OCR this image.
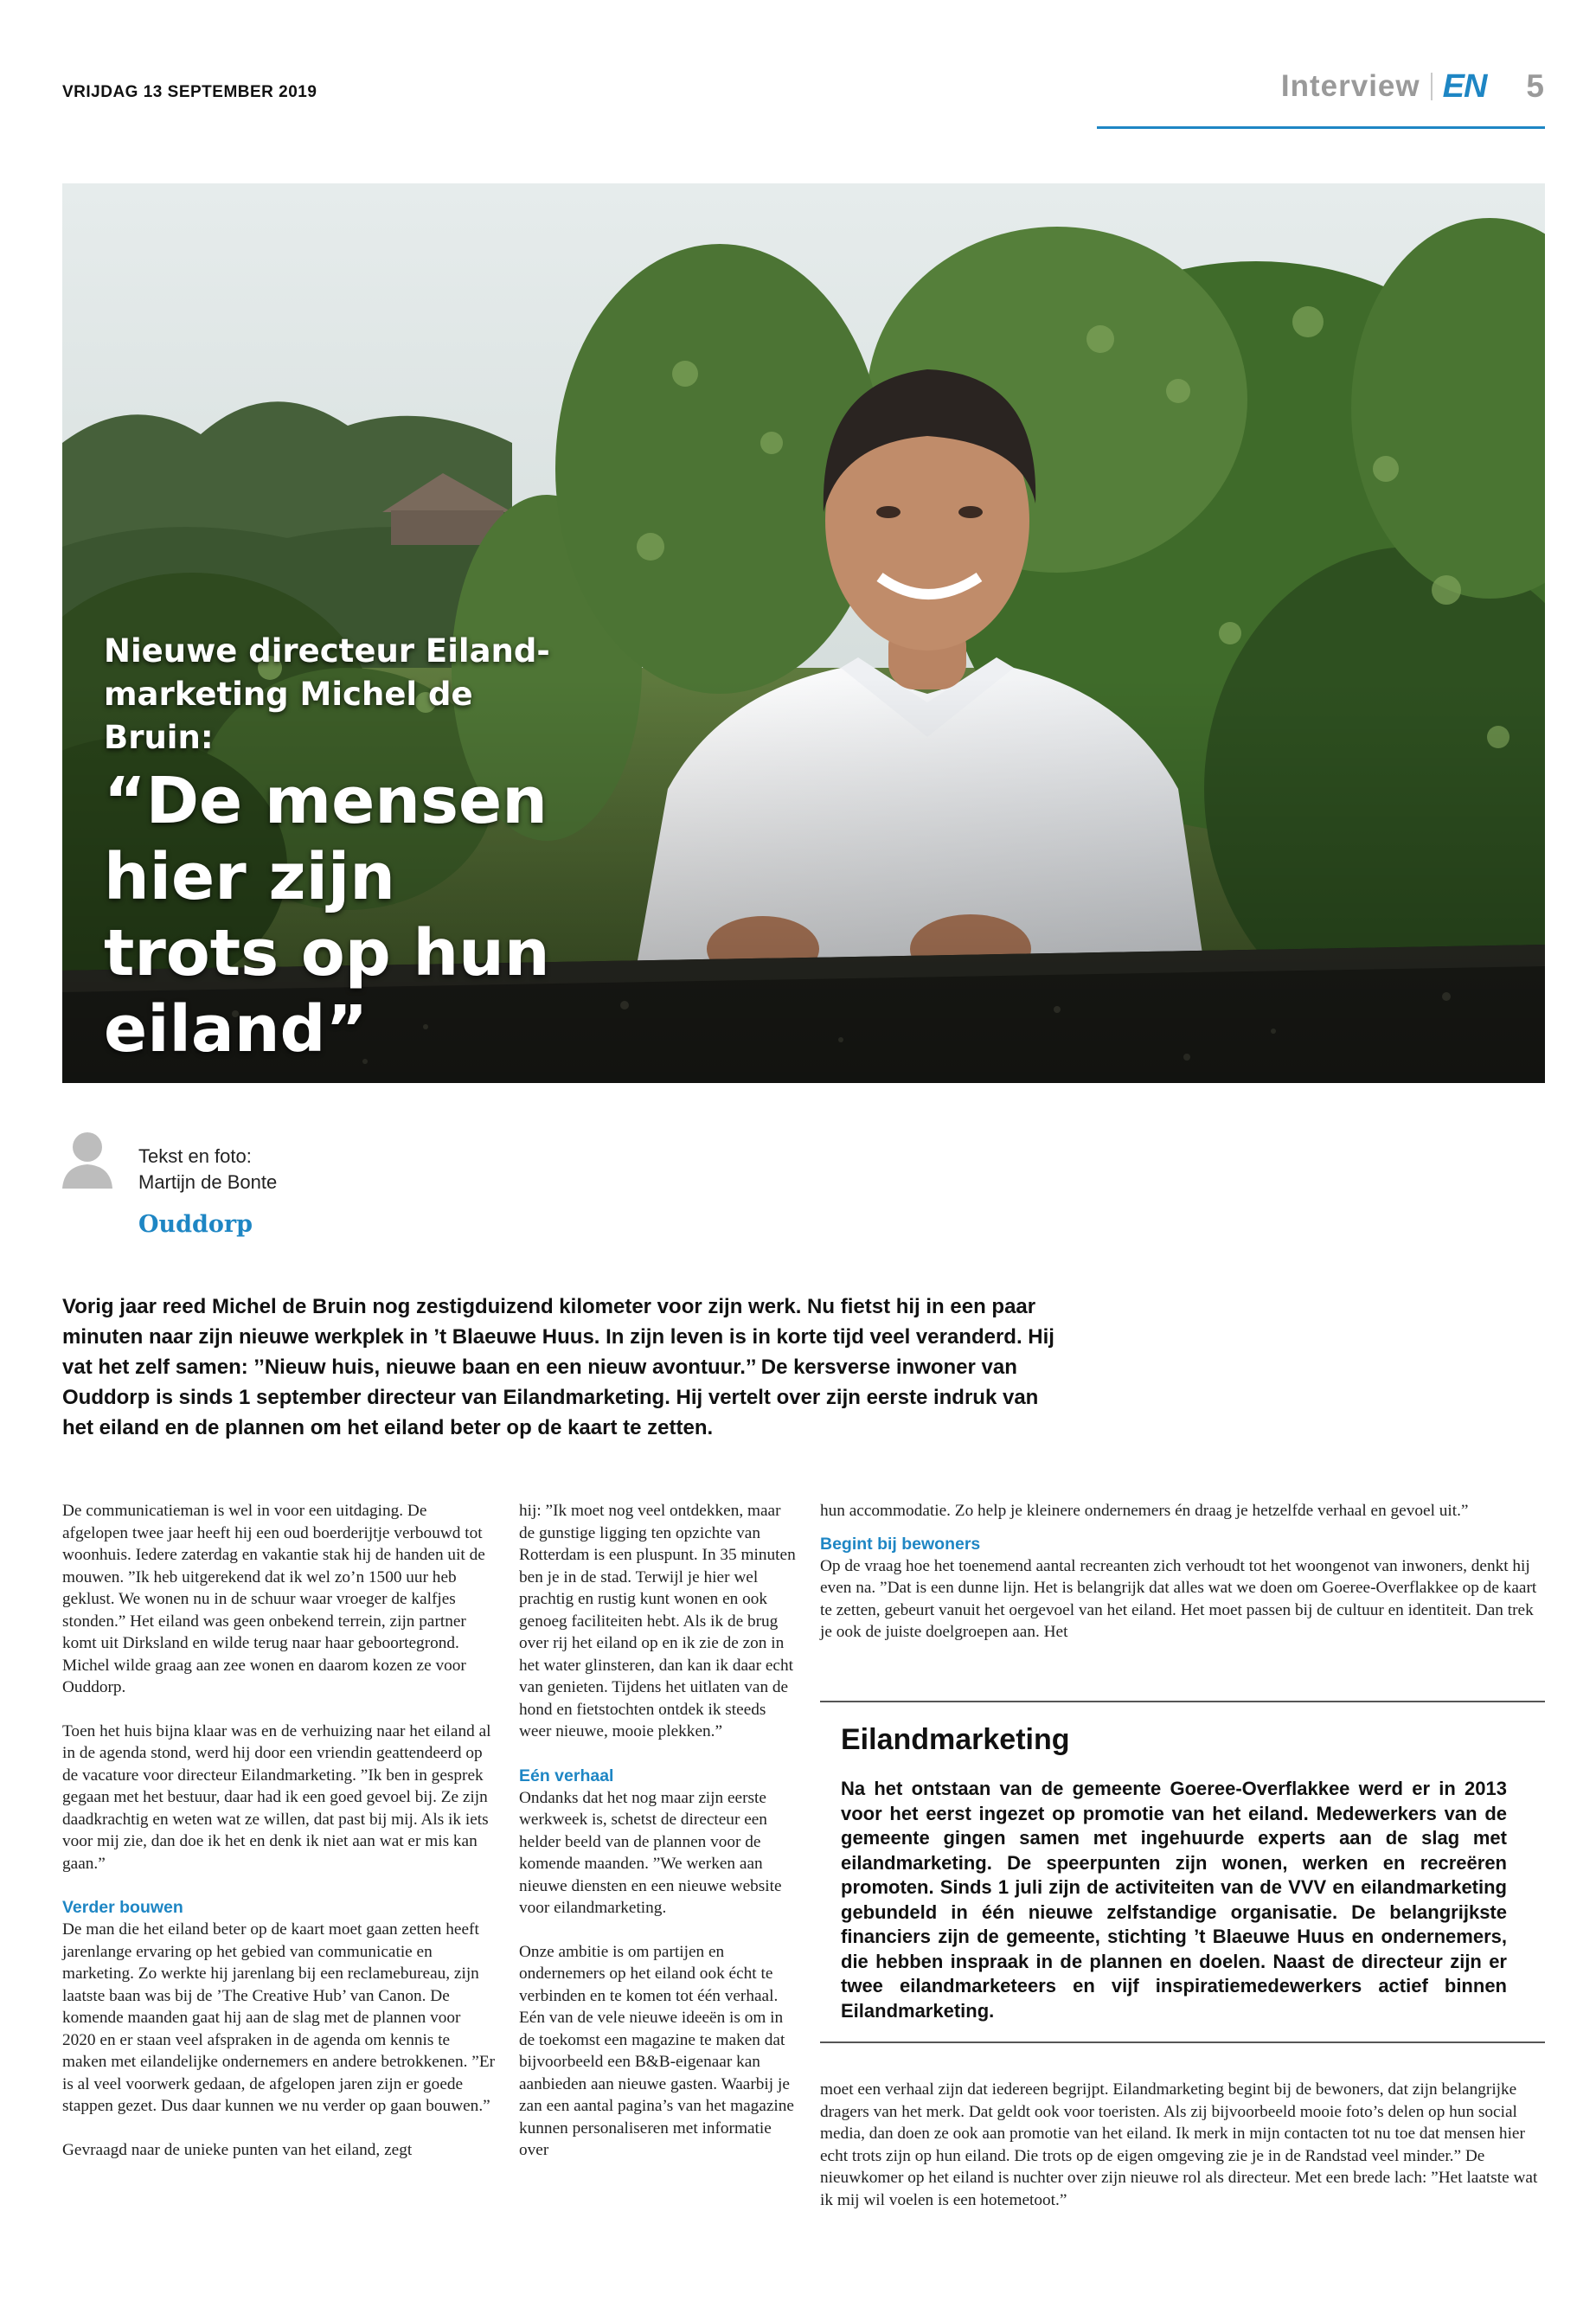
VRIJDAG 13 SEPTEMBER 2019	Interview EN 5
Nieuwe directeur Eiland-
marketing Michel de Bruin:
“De mensen
hier zijn
trots op hun
eiland”
Tekst en foto:
Martijn de Bonte
Ouddorp
Vorig jaar reed Michel de Bruin nog zestigduizend kilometer voor zijn werk. Nu fietst hij in een paar minuten naar zijn nieuwe werkplek in ’t Blaeuwe Huus. In zijn leven is in korte tijd veel veranderd. Hij vat het zelf samen: ’’Nieuw huis, nieuwe baan en een nieuw avontuur.’’ De kersverse inwoner van Ouddorp is sinds 1 september directeur van Eilandmarketing. Hij vertelt over zijn eerste indruk van het eiland en de plannen om het eiland beter op de kaart te zetten.

De communicatieman is wel in voor een uitdaging. De afgelopen twee jaar heeft hij een oud boerderijtje verbouwd tot woonhuis. Iedere zaterdag en vakantie stak hij de handen uit de mouwen. ”Ik heb uitgerekend dat ik wel zo’n 1500 uur heb geklust. We wonen nu in de schuur waar vroeger de kalfjes stonden.” Het eiland was geen onbekend terrein, zijn partner komt uit Dirksland en wilde terug naar haar geboortegrond. Michel wilde graag aan zee wonen en daarom kozen ze voor Ouddorp.

Toen het huis bijna klaar was en de verhuizing naar het eiland al in de agenda stond, werd hij door een vriendin geattendeerd op de vacature voor directeur Eilandmarketing. ”Ik ben in gesprek gegaan met het bestuur, daar had ik een goed gevoel bij. Ze zijn daadkrachtig en weten wat ze willen, dat past bij mij. Als ik iets voor mij zie, dan doe ik het en denk ik niet aan wat er mis kan gaan.”

Verder bouwen

De man die het eiland beter op de kaart moet gaan zetten heeft jarenlange ervaring op het gebied van communicatie en marketing. Zo werkte hij jarenlang bij een reclamebureau, zijn laatste baan was bij de ’The Creative Hub’ van Canon. De komende maanden gaat hij aan de slag met de plannen voor 2020 en er staan veel afspraken in de agenda om kennis te maken met eilandelijke ondernemers en andere betrokkenen. ”Er is al veel voorwerk gedaan, de afgelopen jaren zijn er goede stappen gezet. Dus daar kunnen we nu verder op gaan bouwen.”

Gevraagd naar de unieke punten van het eiland, zegt

hij: ”Ik moet nog veel ontdekken, maar de gunstige ligging ten opzichte van Rotterdam is een pluspunt. In 35 minuten ben je in de stad. Terwijl je hier wel prachtig en rustig kunt wonen en ook genoeg faciliteiten hebt. Als ik de brug over rij het eiland op en ik zie de zon in het water glinsteren, dan kan ik daar echt van genieten. Tijdens het uitlaten van de hond en fietstochten ontdek ik steeds weer nieuwe, mooie plekken.”

Eén verhaal

Ondanks dat het nog maar zijn eerste werkweek is, schetst de directeur een helder beeld van de plannen voor de komende maanden. ”We werken aan nieuwe diensten en een nieuwe website voor eilandmarketing.

Onze ambitie is om partijen en ondernemers op het eiland ook écht te verbinden en te komen tot één verhaal. Eén van de vele nieuwe ideeën is om in de toekomst een magazine te maken dat bijvoorbeeld een B&B-eigenaar kan aanbieden aan nieuwe gasten. Waarbij je zan een aantal pagina’s van het magazine kunnen personaliseren met informatie over

hun accommodatie. Zo help je kleinere ondernemers én draag je hetzelfde verhaal en gevoel uit.”

Begint bij bewoners

Op de vraag hoe het toenemend aantal recreanten zich verhoudt tot het woongenot van inwoners, denkt hij even na. ”Dat is een dunne lijn. Het is belangrijk dat alles wat we doen om Goeree-Overflakkee op de kaart te zetten, gebeurt vanuit het oergevoel van het eiland. Het moet passen bij de cultuur en identiteit. Dan trek je ook de juiste doelgroepen aan. Het

Eilandmarketing
Na het ontstaan van de gemeente Goeree-Overflakkee werd er in 2013 voor het eerst ingezet op promotie van het eiland. Medewerkers van de gemeente gingen samen met ingehuurde experts aan de slag met eilandmarketing. De speerpunten zijn wonen, werken en recreëren promoten. Sinds 1 juli zijn de activiteiten van de VVV en eilandmarketing gebundeld in één nieuwe zelfstandige organisatie. De belangrijkste financiers zijn de gemeente, stichting ’t Blaeuwe Huus en ondernemers, die hebben inspraak in de plannen en doelen. Naast de directeur zijn er twee eilandmarketeers en vijf inspiratiemedewerkers actief binnen Eilandmarketing.

moet een verhaal zijn dat iedereen begrijpt. Eilandmarketing begint bij de bewoners, dat zijn belangrijke dragers van het merk. Dat geldt ook voor toeristen. Als zij bijvoorbeeld mooie foto’s delen op hun social media, dan doen ze ook aan promotie van het eiland. Ik merk in mijn contacten tot nu toe dat mensen hier echt trots zijn op hun eiland. Die trots op de eigen omgeving zie je in de Randstad veel minder.” De nieuwkomer op het eiland is nuchter over zijn nieuwe rol als directeur. Met een brede lach: ”Het laatste wat ik mij wil voelen is een hotemetoot.”
